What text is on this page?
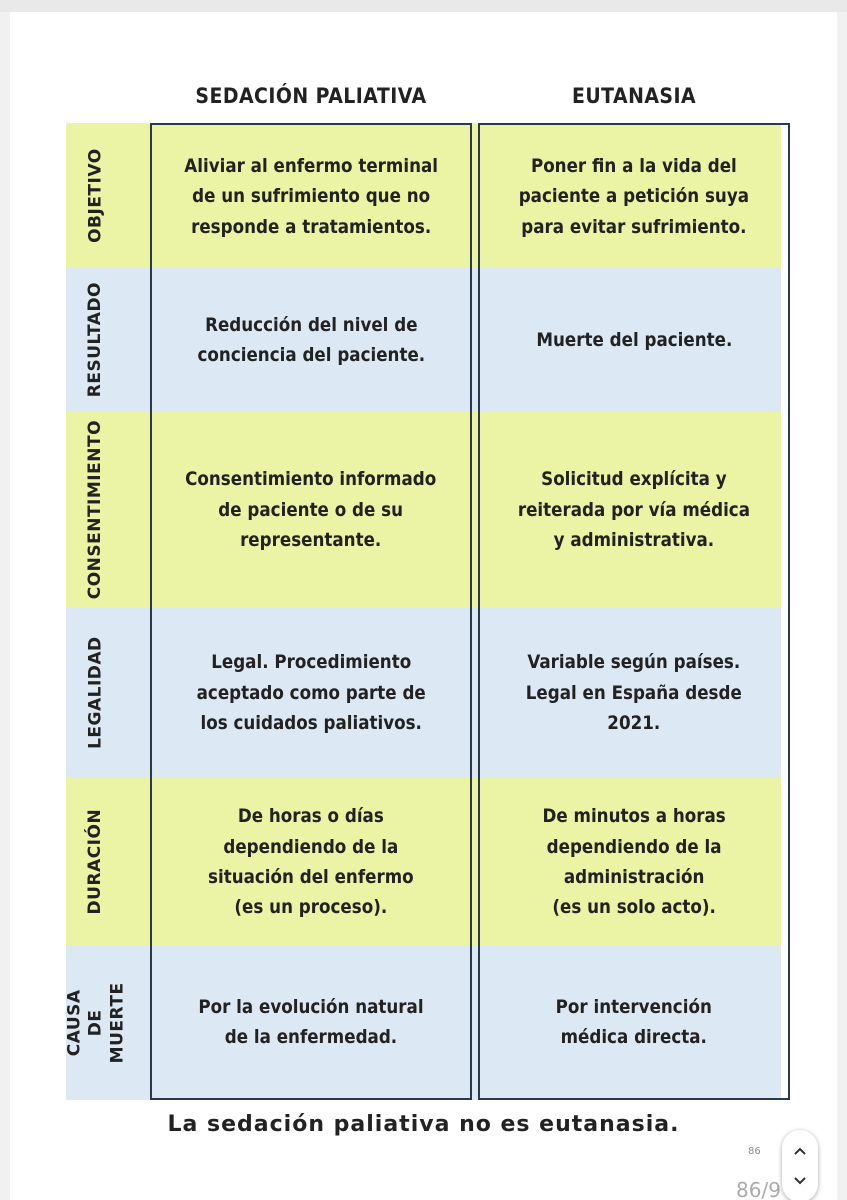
SEDACIÓN PALIATIVA	EUTANASIA
OBJETIVO
RESULTADO
CONSENTIMIENTO
LEGALIDAD
DURACIÓN
CAUSA DE
MUERTE
Aliviar al enfermo terminal
de un sufrimiento que no
responde a tratamientos.
Reducción del nivel de
conciencia del paciente.
Consentimiento informado
de paciente o de su
representante.
Legal. Procedimiento
aceptado como parte de
los cuidados paliativos.
De horas o días
dependiendo de la
situación del enfermo
(es un proceso).
Por la evolución natural
de la enfermedad.
Poner fin a la vida del
paciente a petición suya
para evitar sufrimiento.
Muerte del paciente.
Solicitud explícita y
reiterada por vía médica
y administrativa.
Variable según países.
Legal en España desde
2021.
De minutos a horas
dependiendo de la
administración
(es un solo acto).
Por intervención
médica directa.
La sedación paliativa no es eutanasia.
86
86/9
